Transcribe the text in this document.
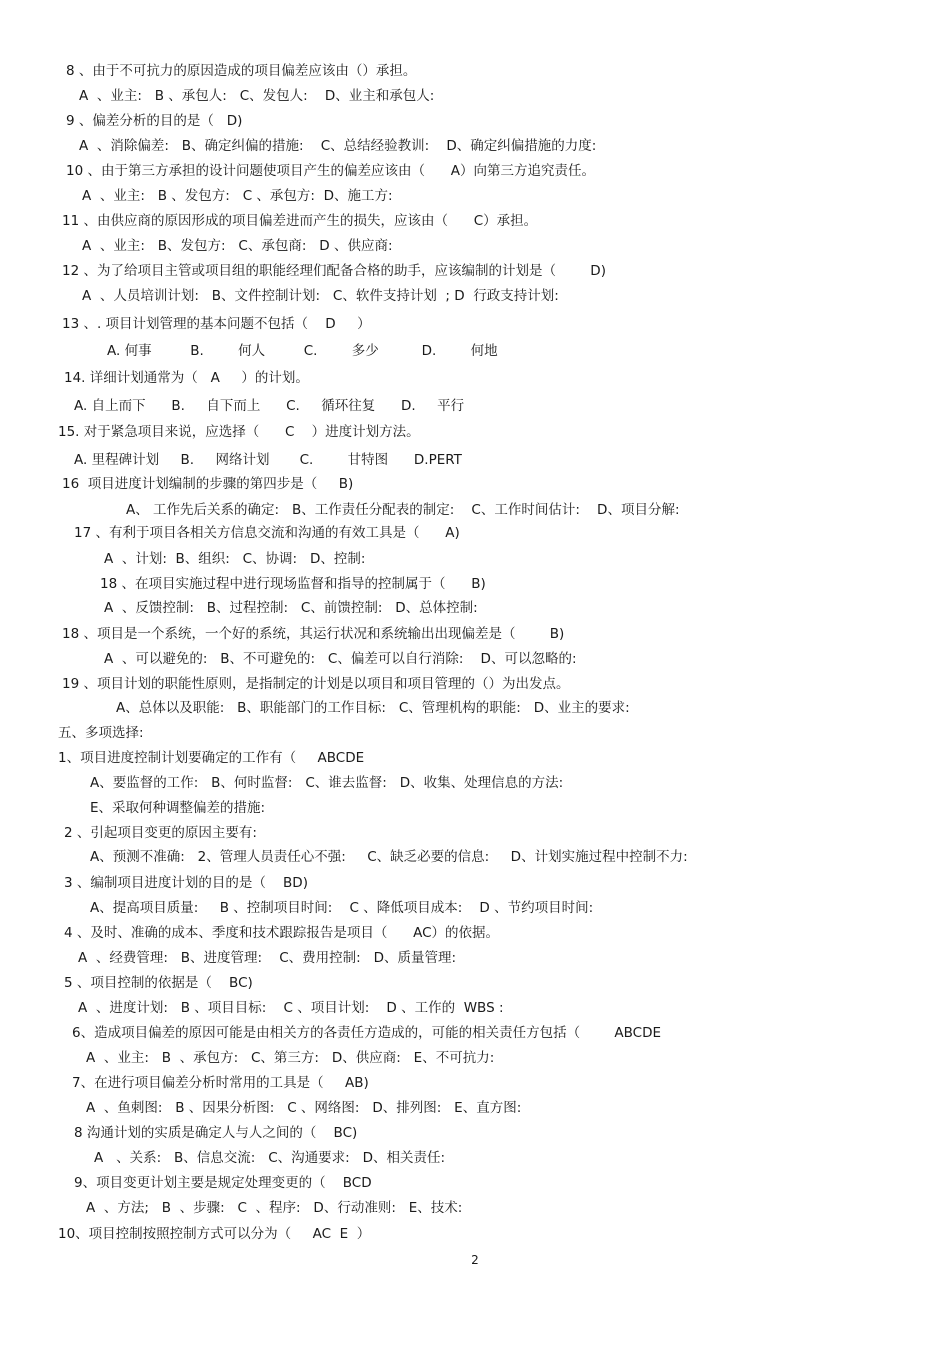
8 、由于不可抗力的原因造成的项目偏差应该由（）承担。
A  、业主:   B 、承包人:   C、发包人:    D、业主和承包人:
9 、偏差分析的目的是（   D)
A  、消除偏差:   B、确定纠偏的措施:    C、总结经验教训:    D、确定纠偏措施的力度:
10 、由于第三方承担的设计问题使项目产生的偏差应该由（      A）向第三方追究责任。
A  、业主:   B 、发包方:   C 、承包方:  D、施工方:
11 、由供应商的原因形成的项目偏差进而产生的损失，应该由（      C）承担。
A  、业主:   B、发包方:   C、承包商:   D 、供应商:
12 、为了给项目主管或项目组的职能经理们配备合格的助手，应该编制的计划是（        D)
A  、人员培训计划:   B、文件控制计划:   C、软件支持计划  ; D  行政支持计划:
13 、. 项目计划管理的基本问题不包括（    D     ）
A. 何事         B.        何人         C.        多少          D.        何地
14. 详细计划通常为（   A     ）的计划。
A. 自上而下      B.     自下而上      C.     循环往复      D.     平行
15. 对于紧急项目来说，应选择（      C    ）进度计划方法。
A. 里程碑计划     B.     网络计划       C.        甘特图      D.PERT
16  项目进度计划编制的步骤的第四步是（     B)
A、 工作先后关系的确定:   B、工作责任分配表的制定:    C、工作时间估计:    D、项目分解:
17 、有利于项目各相关方信息交流和沟通的有效工具是（      A)
A  、计划:  B、组织:   C、协调:   D、控制:
18 、在项目实施过程中进行现场监督和指导的控制属于（      B)
A  、反馈控制:   B、过程控制:   C、前馈控制:   D、总体控制:
18 、项目是一个系统，一个好的系统，其运行状况和系统输出出现偏差是（        B)
A  、可以避免的:   B、不可避免的:   C、偏差可以自行消除:    D、可以忽略的:
19 、项目计划的职能性原则，是指制定的计划是以项目和项目管理的（）为出发点。
A、总体以及职能:   B、职能部门的工作目标:   C、管理机构的职能:   D、业主的要求:
五、多项选择:
1、项目进度控制计划要确定的工作有（     ABCDE
A、要监督的工作:   B、何时监督:   C、谁去监督:   D、收集、处理信息的方法:
E、采取何种调整偏差的措施:
2 、引起项目变更的原因主要有:
A、预测不准确:   2、管理人员责任心不强:     C、缺乏必要的信息:     D、计划实施过程中控制不力:
3 、编制项目进度计划的目的是（    BD)
A、提高项目质量:     B 、控制项目时间:    C 、降低项目成本:    D 、节约项目时间:
4 、及时、准确的成本、季度和技术跟踪报告是项目（      AC）的依据。
A  、经费管理:   B、进度管理:    C、费用控制:   D、质量管理:
5 、项目控制的依据是（    BC)
A  、进度计划:   B 、项目目标:    C 、项目计划:    D 、工作的  WBS :
6、造成项目偏差的原因可能是由相关方的各责任方造成的，可能的相关责任方包括（        ABCDE
A  、业主:   B  、承包方:   C、第三方:   D、供应商:   E、不可抗力:
7、在进行项目偏差分析时常用的工具是（     AB)
A  、鱼刺图:   B 、因果分析图:   C 、网络图:   D、排列图:   E、直方图:
8 沟通计划的实质是确定人与人之间的（    BC)
A   、关系:   B、信息交流:   C、沟通要求:   D、相关责任:
9、项目变更计划主要是规定处理变更的（    BCD
A  、方法;   B  、步骤:   C  、程序:   D、行动准则:   E、技术:
10、项目控制按照控制方式可以分为（     AC  E  ）
2
